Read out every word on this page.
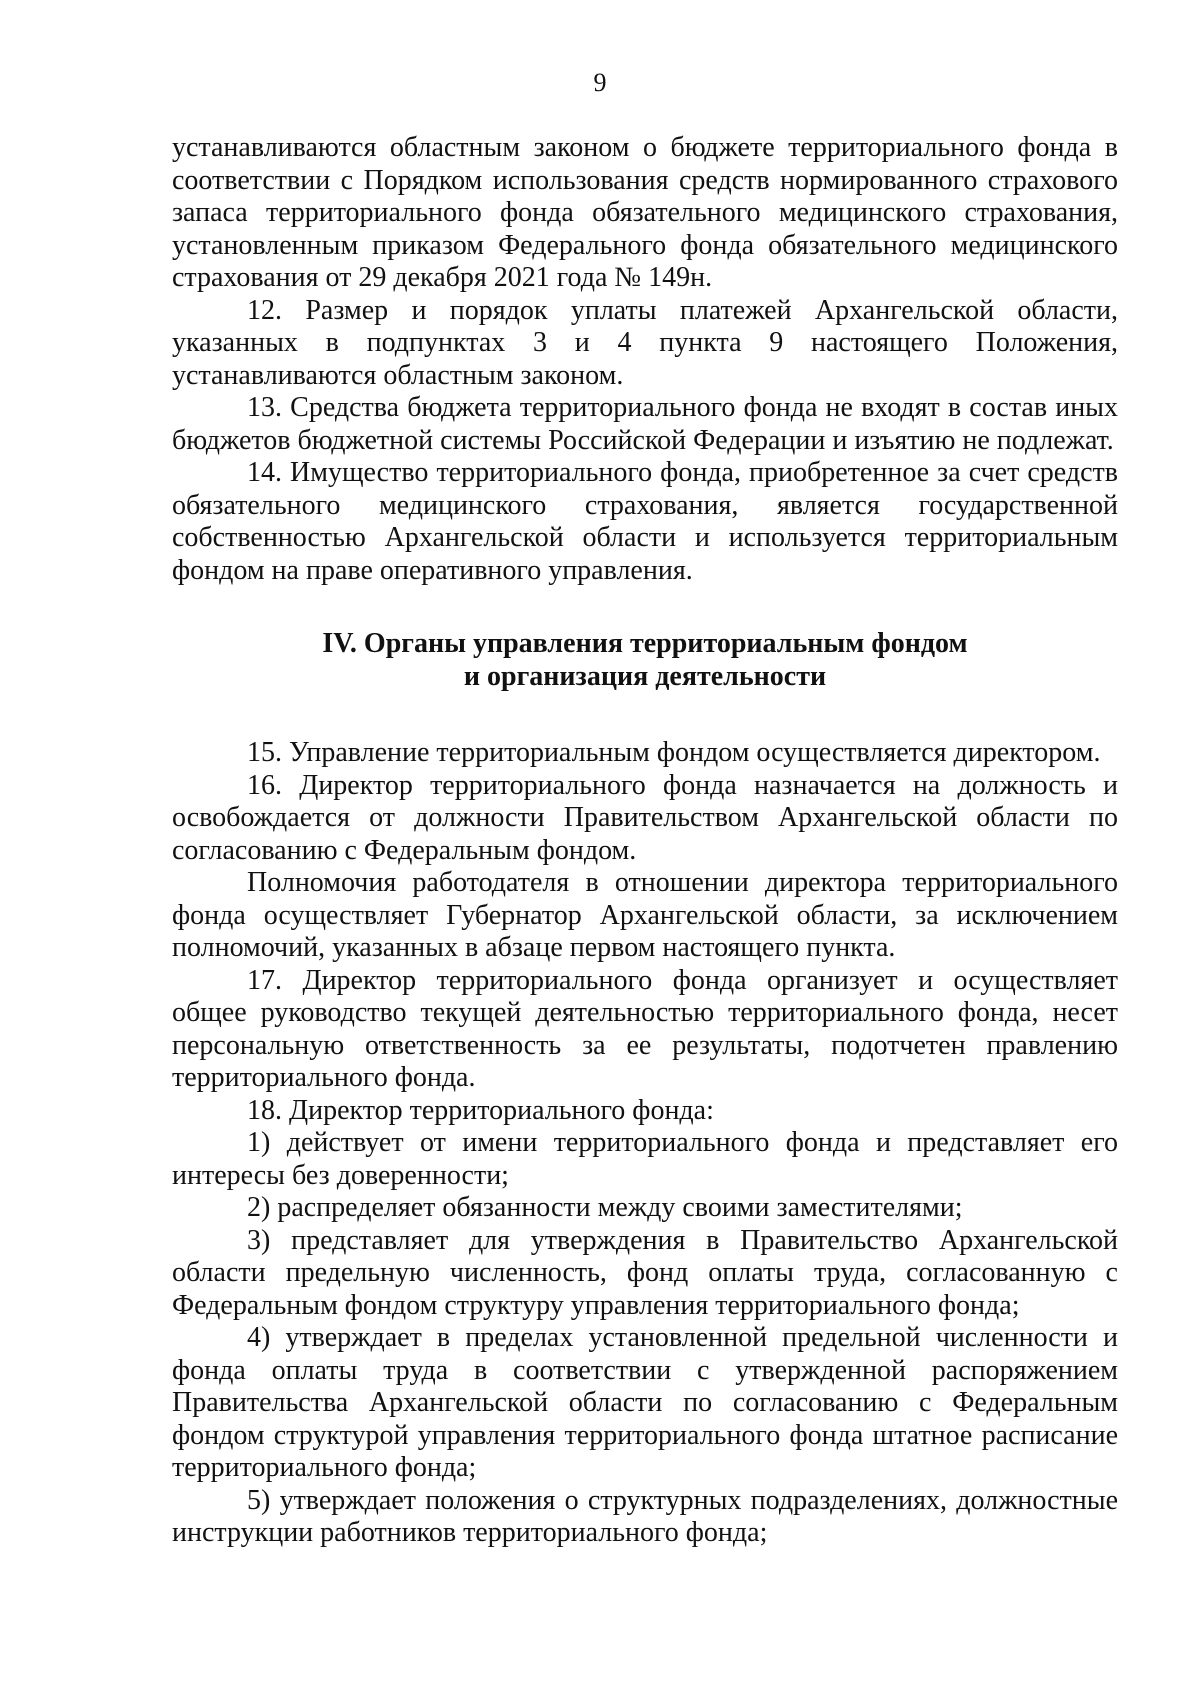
9

устанавливаются областным законом о бюджете территориального фонда в соответствии с Порядком использования средств нормированного страхового запаса территориального фонда обязательного медицинского страхования, установленным приказом Федерального фонда обязательного медицинского страхования от 29 декабря 2021 года № 149н.

12. Размер и порядок уплаты платежей Архангельской области, указанных в подпунктах 3 и 4 пункта 9 настоящего Положения, устанавливаются областным законом.

13. Средства бюджета территориального фонда не входят в состав иных бюджетов бюджетной системы Российской Федерации и изъятию не подлежат.

14. Имущество территориального фонда, приобретенное за счет средств обязательного медицинского страхования, является государственной собственностью Архангельской области и используется территориальным фондом на праве оперативного управления.

IV. Органы управления территориальным фондом
и организация деятельности

15. Управление территориальным фондом осуществляется директором.

16. Директор территориального фонда назначается на должность и освобождается от должности Правительством Архангельской области по согласованию с Федеральным фондом.

Полномочия работодателя в отношении директора территориального фонда осуществляет Губернатор Архангельской области, за исключением полномочий, указанных в абзаце первом настоящего пункта.

17. Директор территориального фонда организует и осуществляет общее руководство текущей деятельностью территориального фонда, несет персональную ответственность за ее результаты, подотчетен правлению территориального фонда.

18. Директор территориального фонда:

1) действует от имени территориального фонда и представляет его интересы без доверенности;

2) распределяет обязанности между своими заместителями;

3) представляет для утверждения в Правительство Архангельской области предельную численность, фонд оплаты труда, согласованную с Федеральным фондом структуру управления территориального фонда;

4) утверждает в пределах установленной предельной численности и фонда оплаты труда в соответствии с утвержденной распоряжением Правительства Архангельской области по согласованию с Федеральным фондом структурой управления территориального фонда штатное расписание территориального фонда;

5) утверждает положения о структурных подразделениях, должностные инструкции работников территориального фонда;
